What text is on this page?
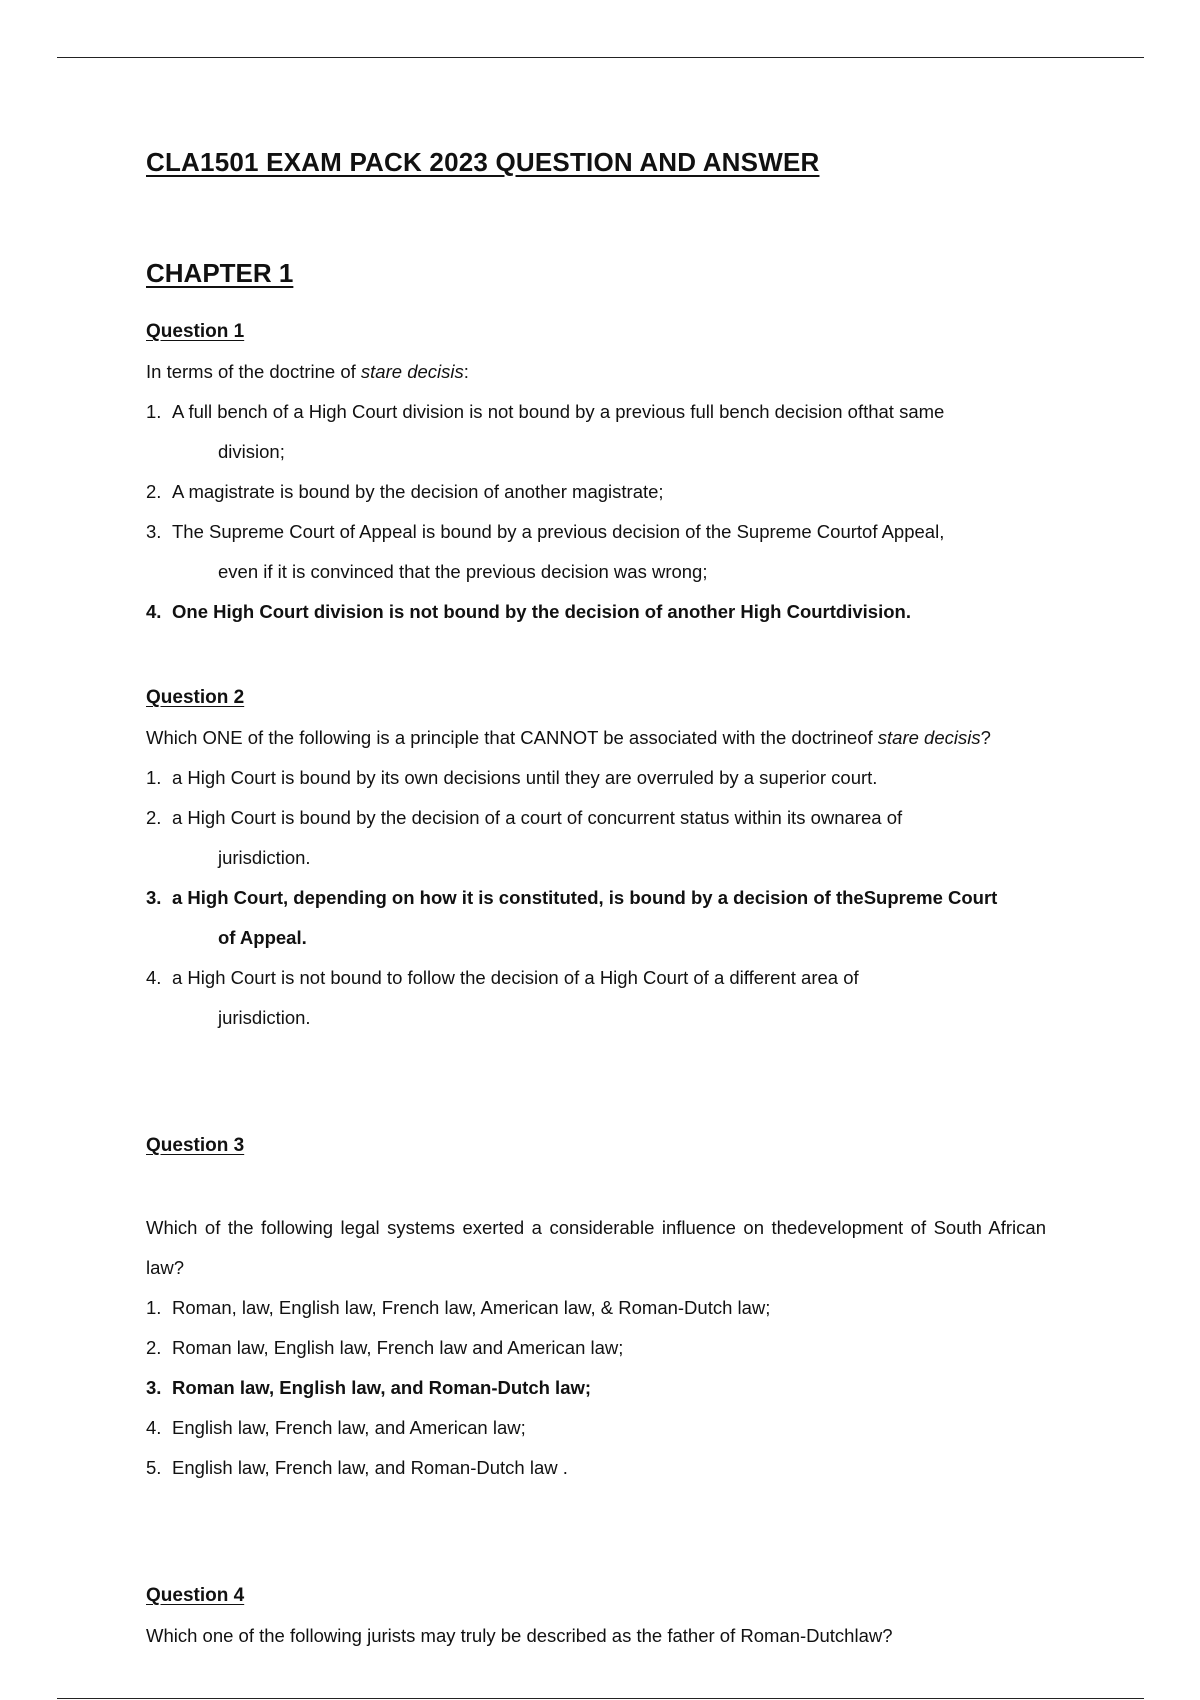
CLA1501 EXAM PACK 2023 QUESTION AND ANSWER
CHAPTER 1

Question 1

In terms of the doctrine of stare decisis:

1. A full bench of a High Court division is not bound by a previous full bench decision ofthat same
division;
2. A magistrate is bound by the decision of another magistrate;
3. The Supreme Court of Appeal is bound by a previous decision of the Supreme Courtof Appeal,
even if it is convinced that the previous decision was wrong;
4. One High Court division is not bound by the decision of another High Courtdivision.

Question 2

Which ONE of the following is a principle that CANNOT be associated with the doctrineof stare decisis?

1. a High Court is bound by its own decisions until they are overruled by a superior court.
2. a High Court is bound by the decision of a court of concurrent status within its ownarea of
jurisdiction.
3. a High Court, depending on how it is constituted, is bound by a decision of theSupreme Court
of Appeal.
4. a High Court is not bound to follow the decision of a High Court of a different area of
jurisdiction.

Question 3

Which of the following legal systems exerted a considerable influence on thedevelopment of South African law?

1. Roman, law, English law, French law, American law, & Roman-Dutch law;
2. Roman law, English law, French law and American law;
3. Roman law, English law, and Roman-Dutch law;
4. English law, French law, and American law;
5. English law, French law, and Roman-Dutch law .

Question 4

Which one of the following jurists may truly be described as the father of Roman-Dutchlaw?
